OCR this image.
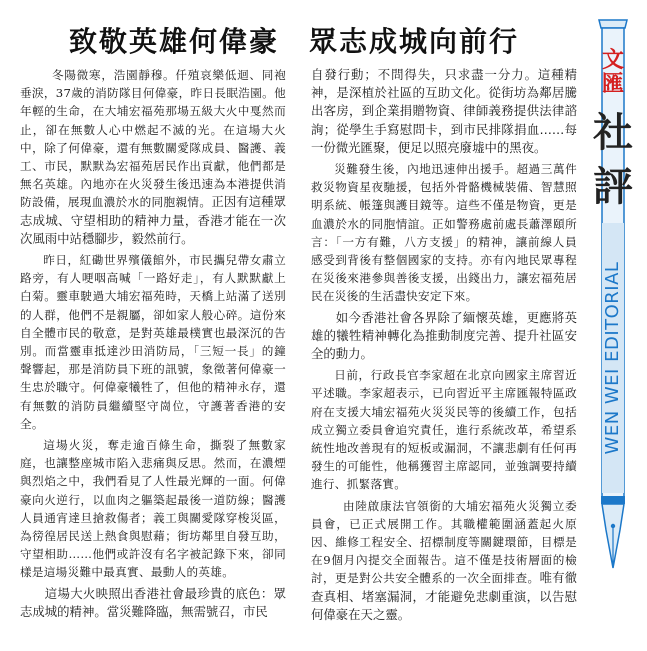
致敬英雄何偉豪　眾志成城向前行

冬陽微寒，浩園靜穆。仟殖哀樂低迴、同袍垂淚，37歲的消防隊目何偉豪，昨日長眠浩園。他年輕的生命，在大埔宏福苑那場五級大火中戛然而止，卻在無數人心中燃起不滅的光。在這場大火中，除了何偉豪，還有無數關愛隊成員、醫護、義工、市民，默默為宏福苑居民作出貢獻，他們都是無名英雄。內地亦在火災發生後迅速為本港提供消防設備，展現血濃於水的同胞親情。正因有這種眾志成城、守望相助的精神力量，香港才能在一次次風雨中站穩腳步，毅然前行。

昨日，紅磡世界殯儀館外，市民攜兒帶女肅立路旁，有人哽咽高喊「一路好走」，有人默默獻上白菊。靈車駛過大埔宏福苑時，天橋上站滿了送別的人群，他們不是親屬，卻如家人般心碎。這份來自全體市民的敬意，是對英雄最樸實也最深沉的告別。而當靈車抵達沙田消防局，「三短一長」的鐘聲響起，那是消防員下班的訊號，象徵著何偉豪一生忠於職守。何偉豪犧牲了，但他的精神永存，還有無數的消防員繼續堅守崗位，守護著香港的安全。

這場火災，奪走逾百條生命，撕裂了無數家庭，也讓整座城市陷入悲痛與反思。然而，在濃煙與烈焰之中，我們看見了人性最光輝的一面。何偉豪向火逆行，以血肉之軀築起最後一道防線；醫護人員通宵達旦搶救傷者；義工與關愛隊穿梭災區，為徬徨居民送上熱食與慰藉；街坊鄰里自發互助，守望相助……他們或許沒有名字被記錄下來，卻同樣是這場災難中最真實、最動人的英雄。

這場大火映照出香港社會最珍貴的底色：眾志成城的精神。當災難降臨，無需號召，市民

自發行動；不問得失，只求盡一分力。這種精神，是深植於社區的互助文化。從街坊為鄰居騰出客房，到企業捐贈物資、律師義務提供法律諮詢；從學生手寫慰問卡，到市民排隊捐血……每一份微光匯聚，便足以照亮廢墟中的黑夜。

災難發生後，內地迅速伸出援手。超過三萬件救災物資星夜馳援，包括外骨骼機械裝備、智慧照明系統、帳篷與護目鏡等。這些不僅是物資，更是血濃於水的同胞情誼。正如警務處前處長蕭澤頤所言：「一方有難，八方支援」的精神，讓前線人員感受到背後有整個國家的支持。亦有內地民眾專程在災後來港參與善後支援，出錢出力，讓宏福苑居民在災後的生活盡快安定下來。

如今香港社會各界除了緬懷英雄，更應將英雄的犧牲精神轉化為推動制度完善、提升社區安全的動力。

日前，行政長官李家超在北京向國家主席習近平述職。李家超表示，已向習近平主席匯報特區政府在支援大埔宏福苑火災災民等的後續工作，包括成立獨立委員會追究責任，進行系統改革，希望系統性地改善現有的短板或漏洞，不讓悲劇有任何再發生的可能性，他稱獲習主席認同，並強調要持續進行、抓緊落實。

由陸啟康法官領銜的大埔宏福苑火災獨立委員會，已正式展開工作。其職權範圍涵蓋起火原因、維修工程安全、招標制度等關鍵環節，目標是在9個月內提交全面報告。這不僅是技術層面的檢討，更是對公共安全體系的一次全面排查。唯有徹查真相、堵塞漏洞，才能避免悲劇重演，以告慰何偉豪在天之靈。

文
匯
社
評
WEN WEI EDITORIAL
